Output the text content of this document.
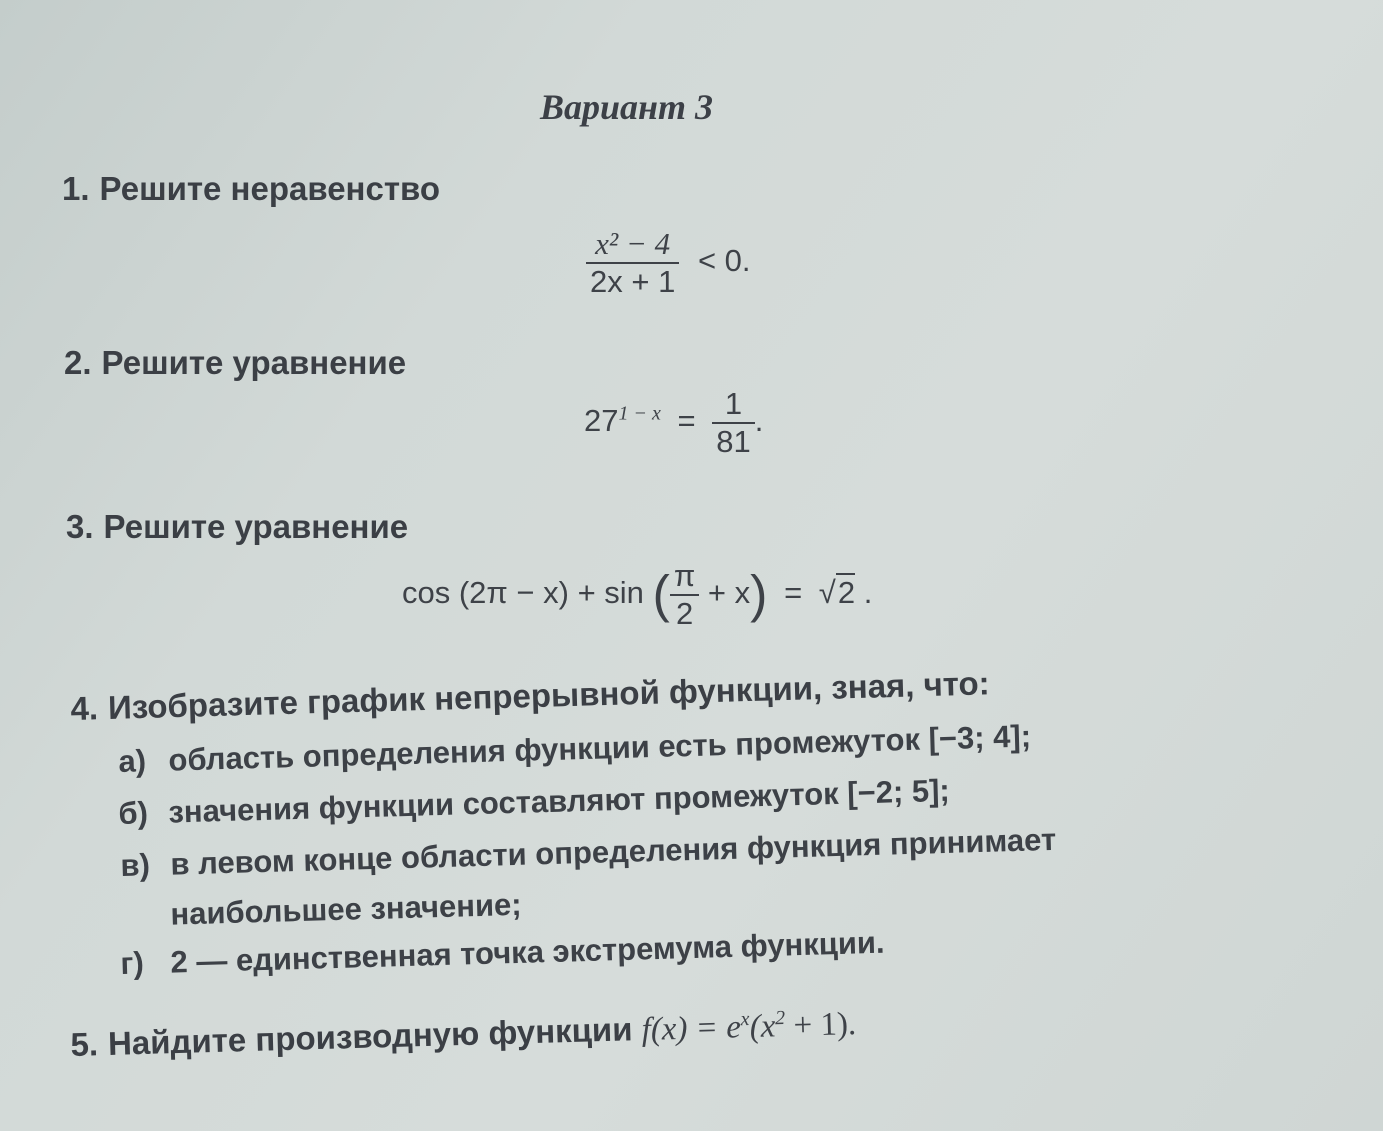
Вариант 3
1. Решите неравенство
$\frac{\text{x² − 4}}{2x + 1} < 0$.
2. Решите уравнение
$27^{1 - x} = \frac{1}{81}$ .
3. Решите уравнение
cos (2π − x) + sin ( $\frac{\pi}{2} + x) = √2$ .
4. Изобразите график непрерывной функции, зная, что:
а) область определения функции есть промежуток [−3; 4];
б) значения функции составляют промежуток [−2; 5];
в) в левом конце области определения функция принимает
наибольшее значение;
г) 2 — единственная точка экстремума функции.
5. Найдите производную функции $f(x) = e^x(x^2 + 1)$.
